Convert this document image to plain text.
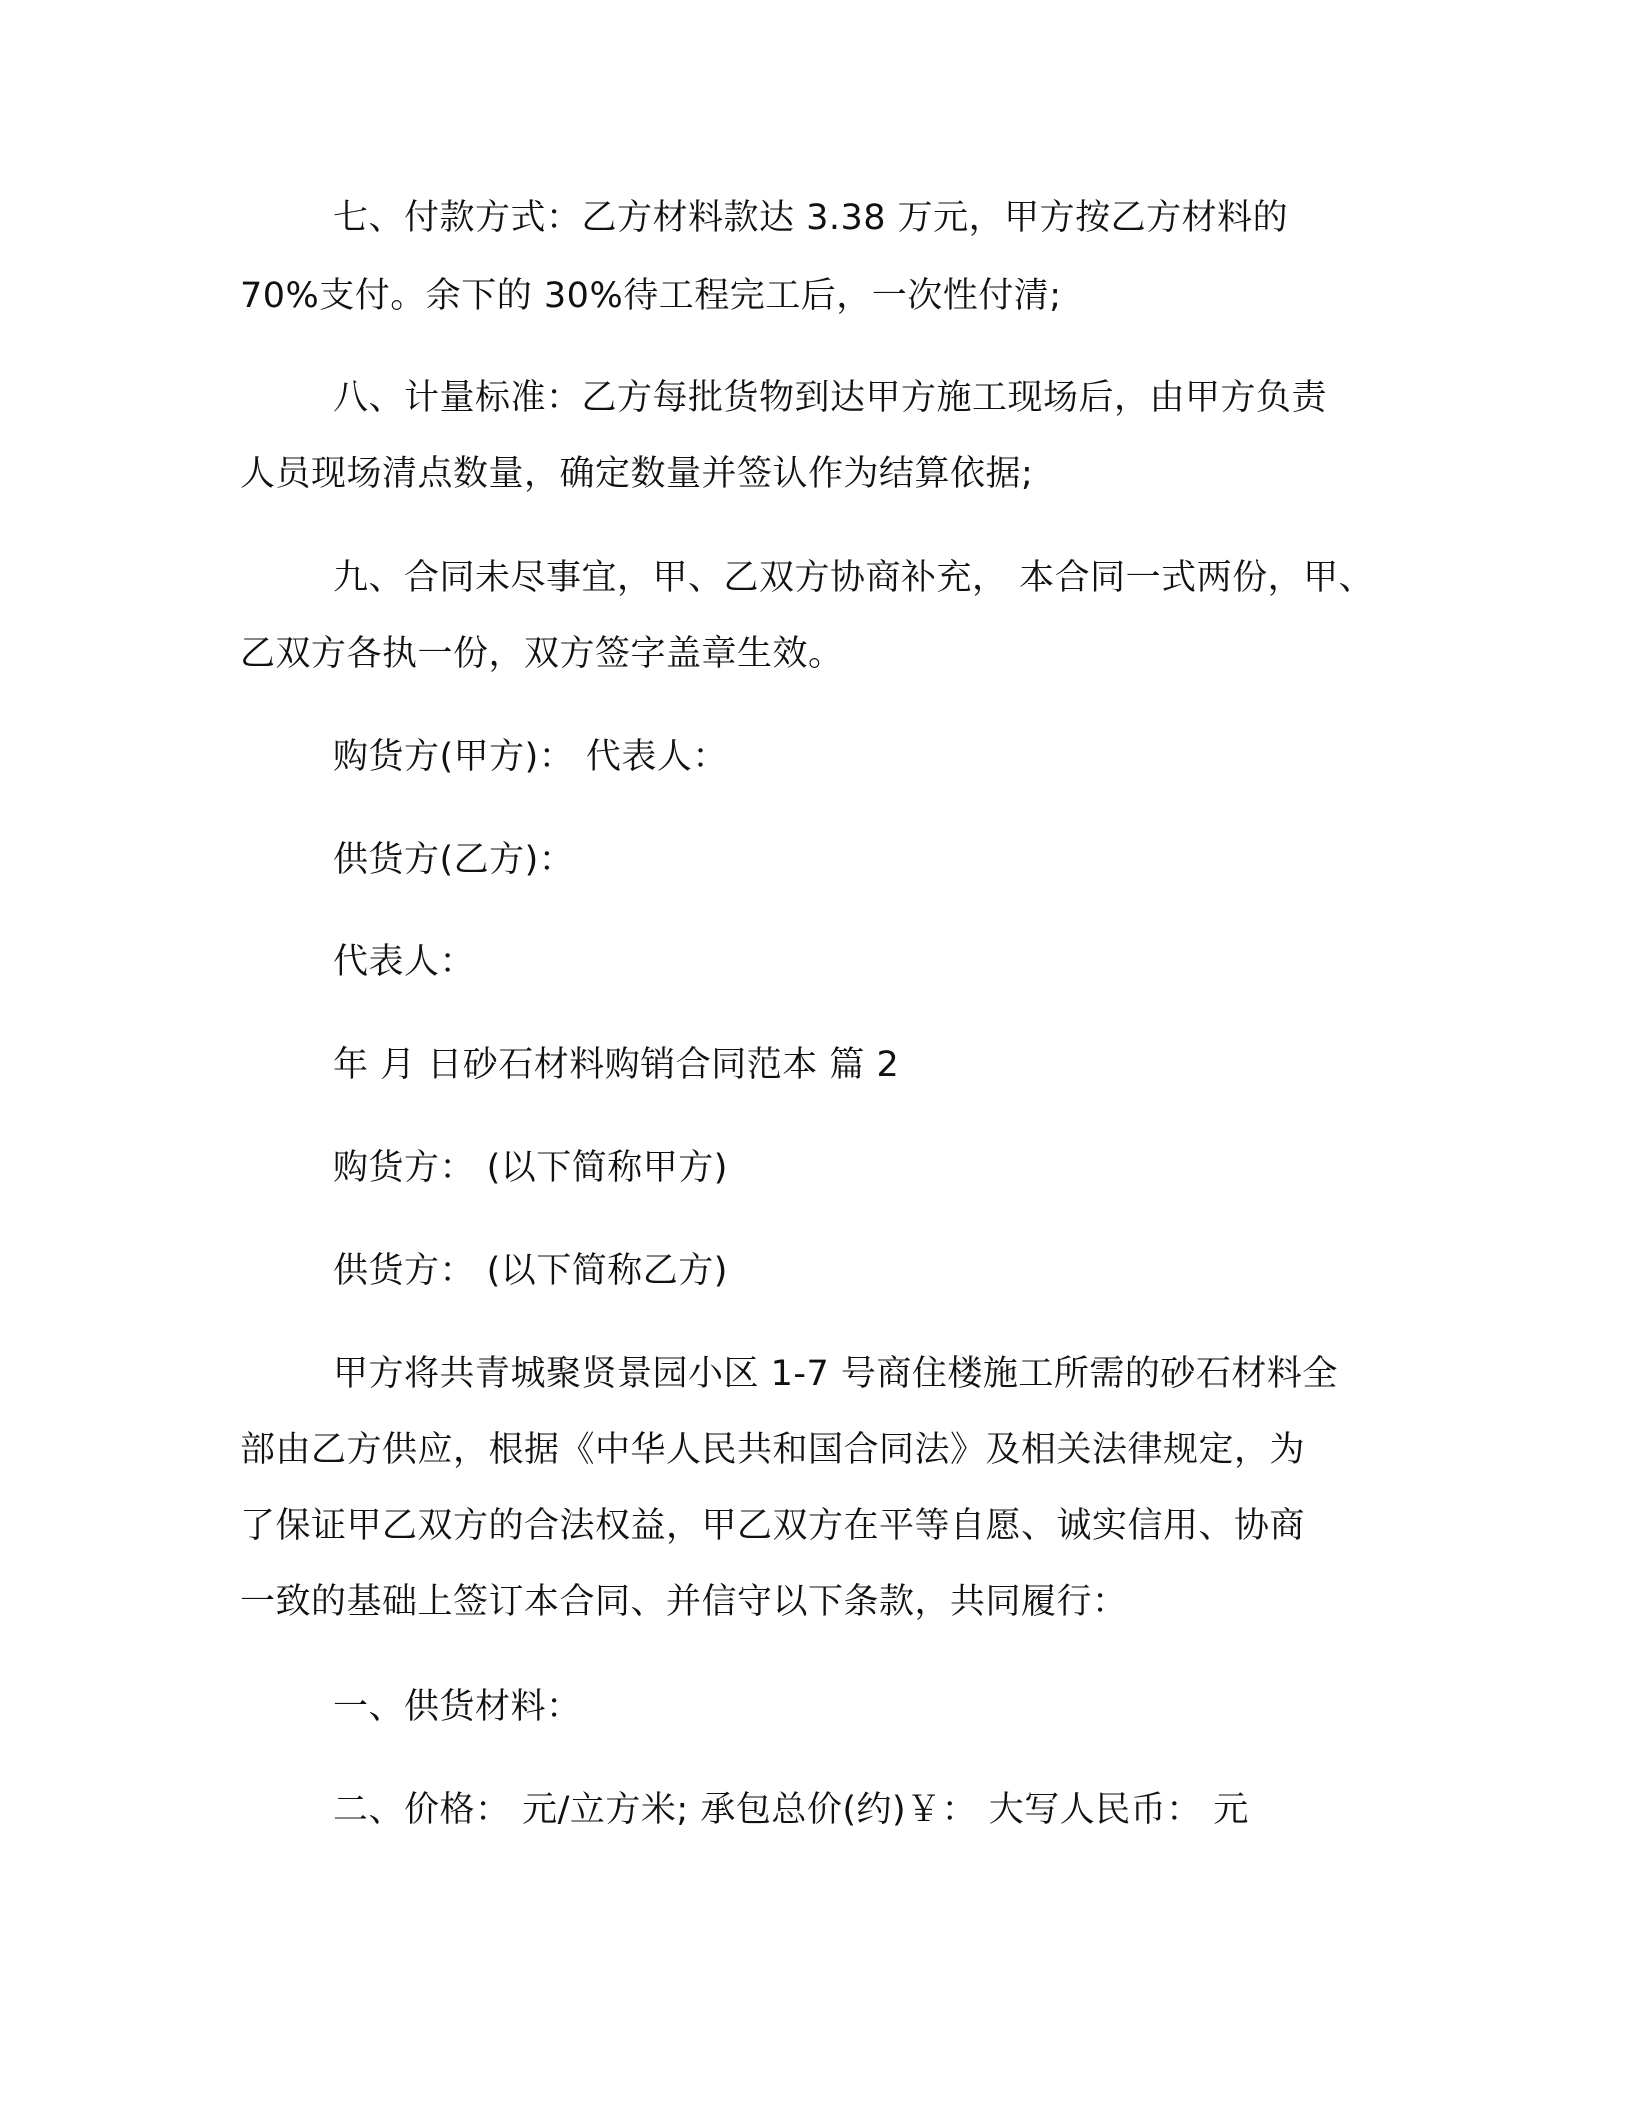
七、付款方式：乙方材料款达 3.38 万元，甲方按乙方材料的
70%支付。余下的 30%待工程完工后，一次性付清;
八、计量标准：乙方每批货物到达甲方施工现场后，由甲方负责
人员现场清点数量，确定数量并签认作为结算依据;
九、合同未尽事宜，甲、乙双方协商补充， 本合同一式两份，甲、
乙双方各执一份，双方签字盖章生效。
购货方(甲方)： 代表人：
供货方(乙方)：
代表人：
年 月 日砂石材料购销合同范本 篇 2
购货方： (以下简称甲方)
供货方： (以下简称乙方)
甲方将共青城聚贤景园小区 1-7 号商住楼施工所需的砂石材料全
部由乙方供应，根据《中华人民共和国合同法》及相关法律规定，为
了保证甲乙双方的合法权益，甲乙双方在平等自愿、诚实信用、协商
一致的基础上签订本合同、并信守以下条款，共同履行：
一、供货材料：
二、价格： 元/立方米; 承包总价(约)￥： 大写人民币： 元
